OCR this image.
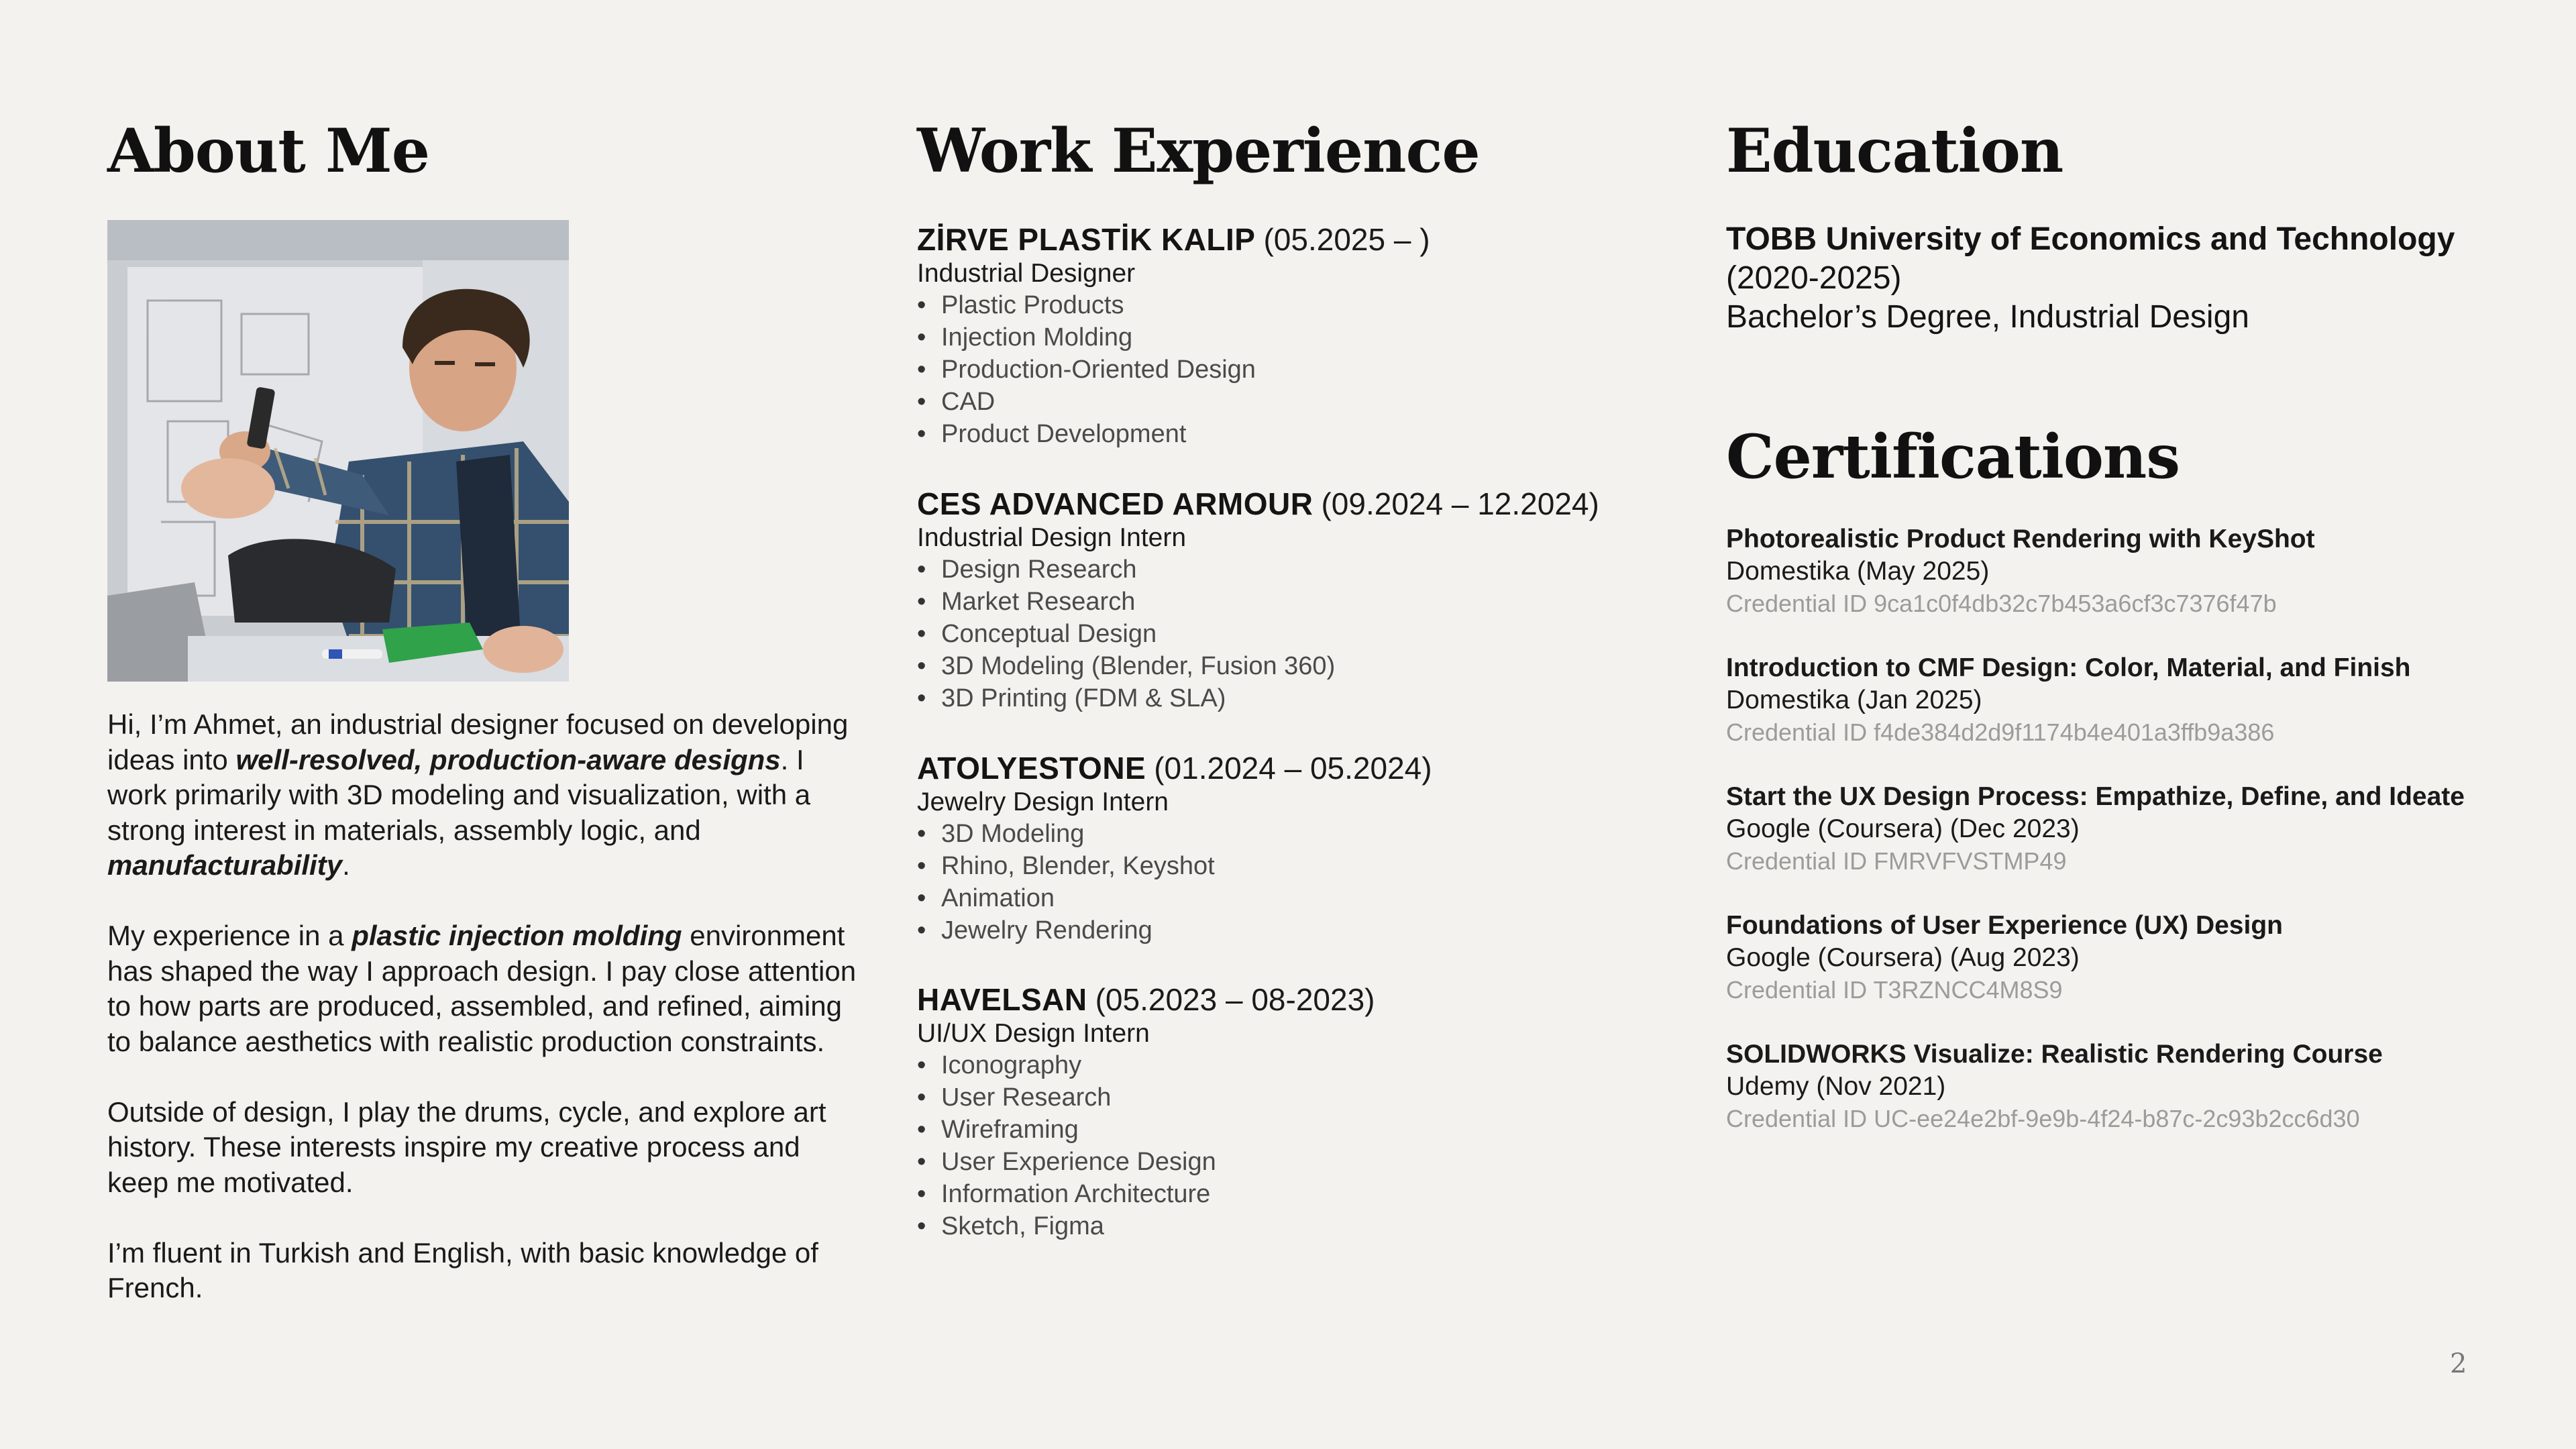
About Me

Hi, I’m Ahmet, an industrial designer focused on developing ideas into well-resolved, production-aware designs. I work primarily with 3D modeling and visualization, with a strong interest in materials, assembly logic, and manufacturability.

My experience in a plastic injection molding environment has shaped the way I approach design. I pay close attention to how parts are produced, assembled, and refined, aiming to balance aesthetics with realistic production constraints.

Outside of design, I play the drums, cycle, and explore art history. These interests inspire my creative process and keep me motivated.

I’m fluent in Turkish and English, with basic knowledge of French.

Work Experience
ZİRVE PLASTİK KALIP (05.2025 – )
Industrial Designer
• Plastic Products
• Injection Molding
• Production-Oriented Design
• CAD
• Product Development
CES ADVANCED ARMOUR (09.2024 – 12.2024)
Industrial Design Intern
• Design Research
• Market Research
• Conceptual Design
• 3D Modeling (Blender, Fusion 360)
• 3D Printing (FDM & SLA)
ATOLYESTONE (01.2024 – 05.2024)
Jewelry Design Intern
• 3D Modeling
• Rhino, Blender, Keyshot
• Animation
• Jewelry Rendering
HAVELSAN (05.2023 – 08-2023)
UI/UX Design Intern
• Iconography
• User Research
• Wireframing
• User Experience Design
• Information Architecture
• Sketch, Figma
Education
TOBB University of Economics and Technology
(2020-2025)
Bachelor’s Degree, Industrial Design
Certifications
Photorealistic Product Rendering with KeyShot
Domestika (May 2025)
Credential ID 9ca1c0f4db32c7b453a6cf3c7376f47b
Introduction to CMF Design: Color, Material, and Finish
Domestika (Jan 2025)
Credential ID f4de384d2d9f1174b4e401a3ffb9a386
Start the UX Design Process: Empathize, Define, and Ideate
Google (Coursera) (Dec 2023)
Credential ID FMRVFVSTMP49
Foundations of User Experience (UX) Design
Google (Coursera) (Aug 2023)
Credential ID T3RZNCC4M8S9
SOLIDWORKS Visualize: Realistic Rendering Course
Udemy (Nov 2021)
Credential ID UC-ee24e2bf-9e9b-4f24-b87c-2c93b2cc6d30
2
